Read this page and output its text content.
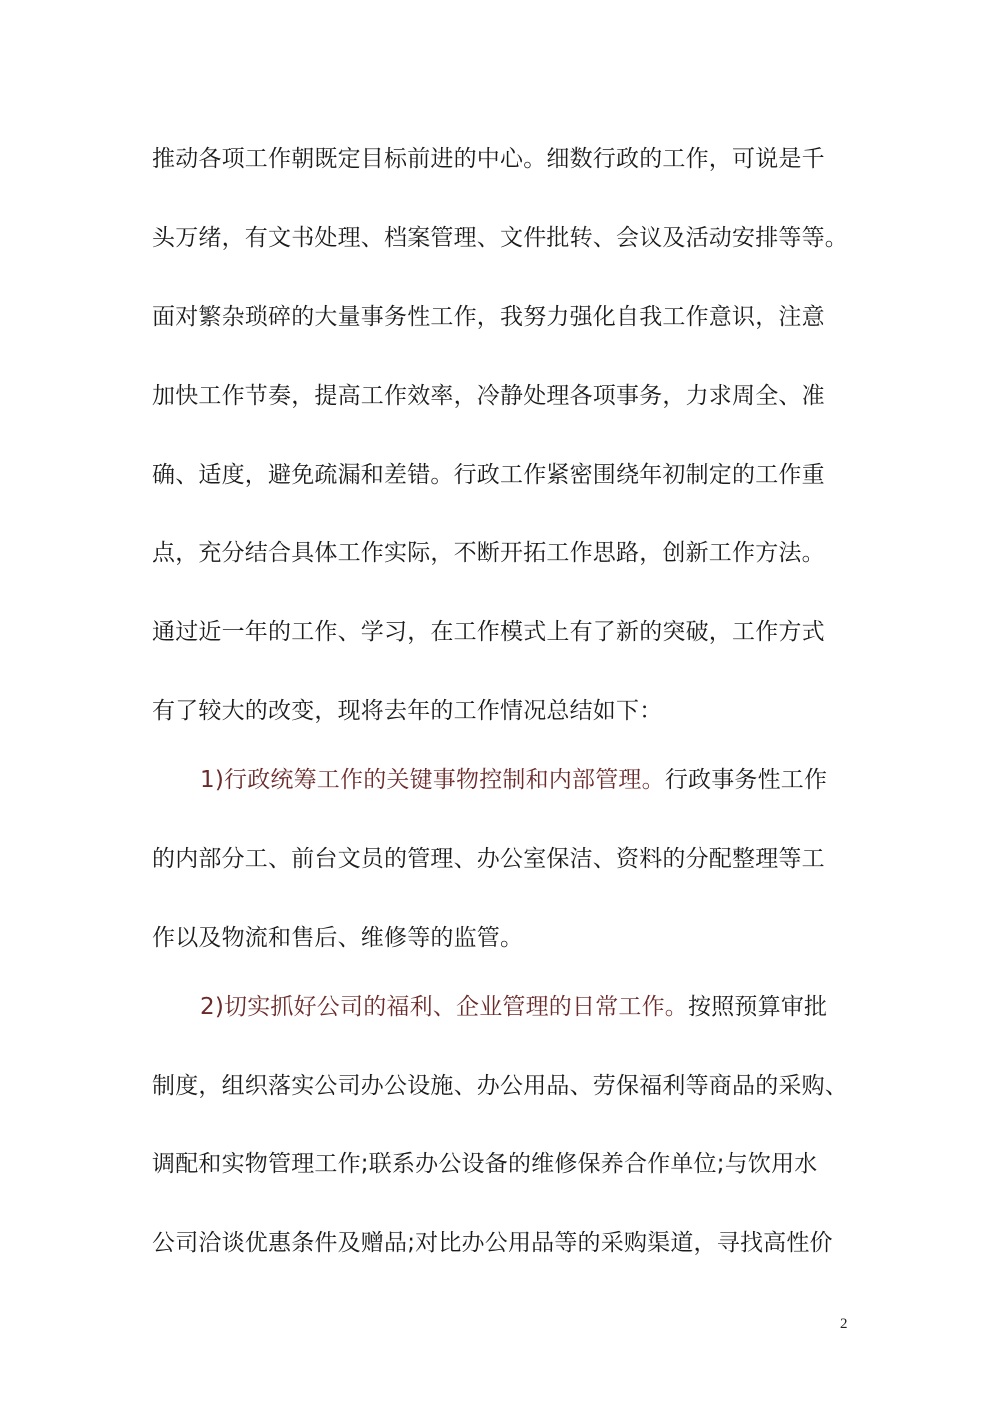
推动各项工作朝既定目标前进的中心。细数行政的工作，可说是千
头万绪，有文书处理、档案管理、文件批转、会议及活动安排等等。
面对繁杂琐碎的大量事务性工作，我努力强化自我工作意识，注意
加快工作节奏，提高工作效率，冷静处理各项事务，力求周全、准
确、适度，避免疏漏和差错。行政工作紧密围绕年初制定的工作重
点，充分结合具体工作实际，不断开拓工作思路，创新工作方法。
通过近一年的工作、学习，在工作模式上有了新的突破，工作方式
有了较大的改变，现将去年的工作情况总结如下：
1)行政统筹工作的关键事物控制和内部管理。行政事务性工作
的内部分工、前台文员的管理、办公室保洁、资料的分配整理等工
作以及物流和售后、维修等的监管。
2)切实抓好公司的福利、企业管理的日常工作。按照预算审批
制度，组织落实公司办公设施、办公用品、劳保福利等商品的采购、
调配和实物管理工作;联系办公设备的维修保养合作单位;与饮用水
公司洽谈优惠条件及赠品;对比办公用品等的采购渠道，寻找高性价
2
